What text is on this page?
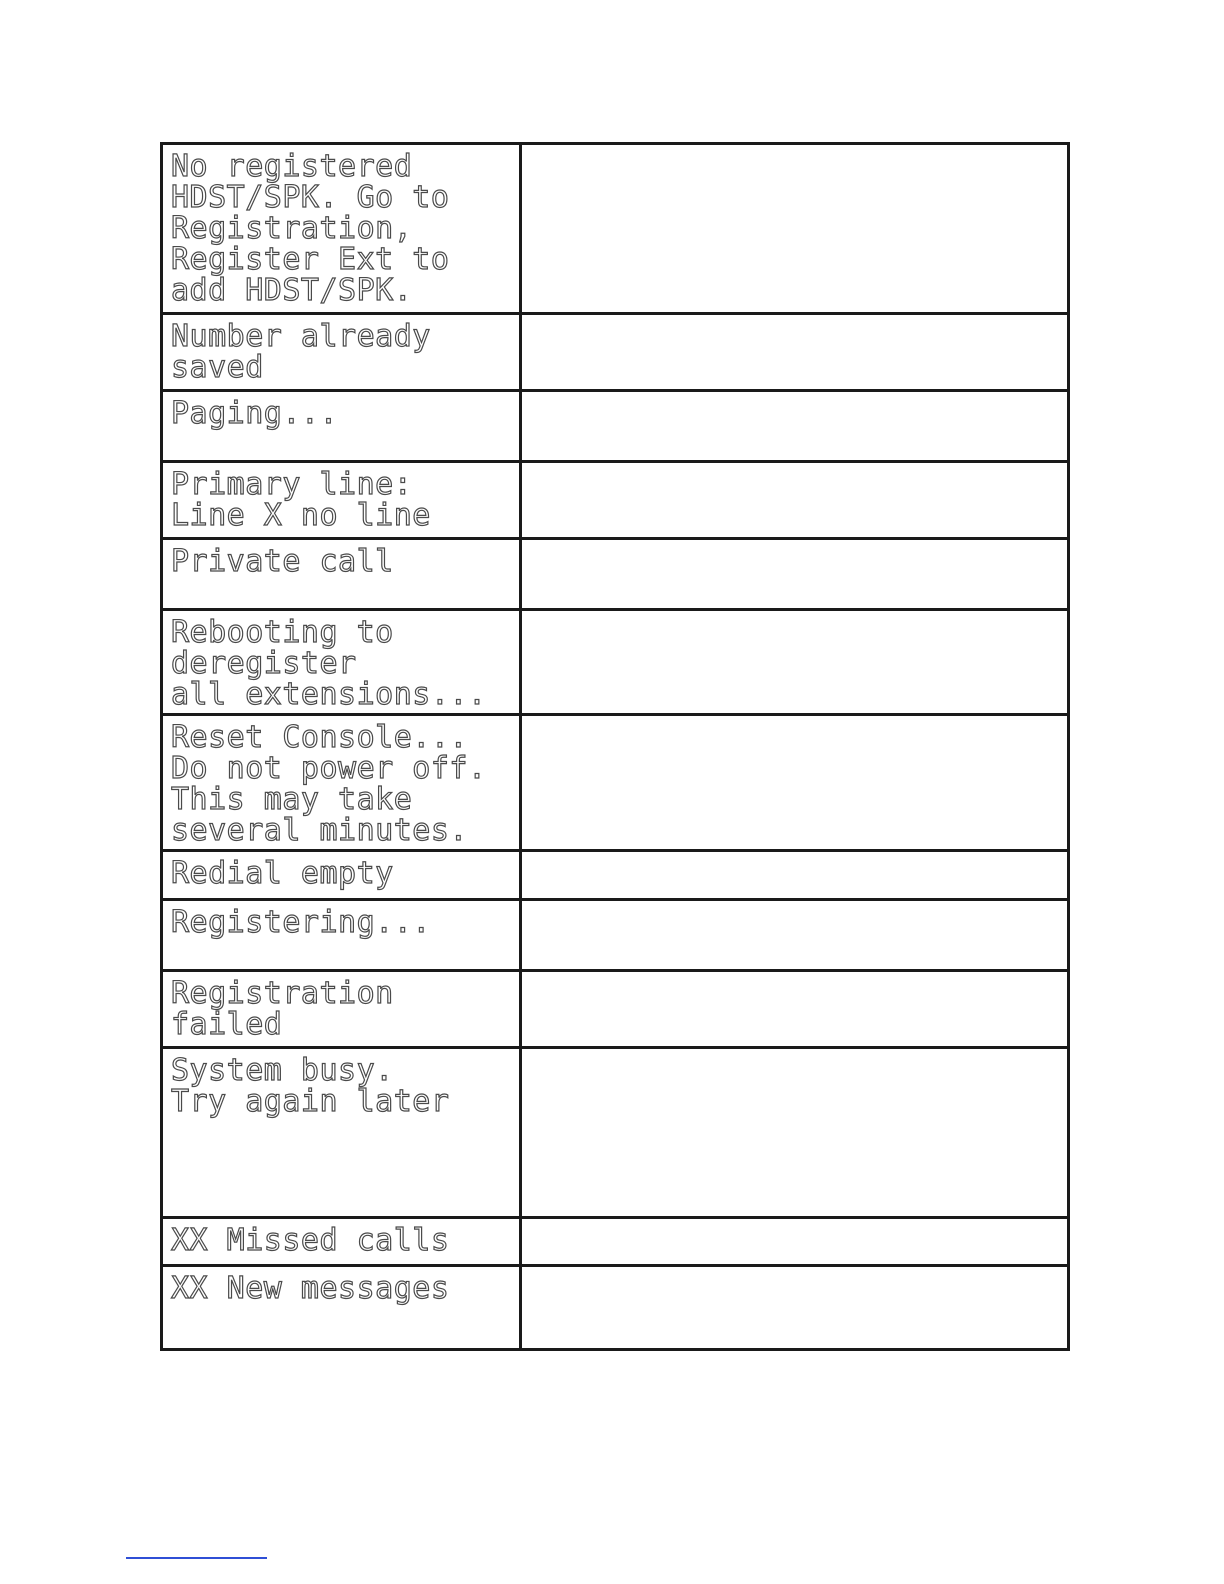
No registered
HDST/SPK. Go to
Registration,
Register Ext to
add HDST/SPK.	

Number already
saved	

Paging...	

Primary line:
Line X no line	

Private call	

Rebooting to
deregister
all extensions...	

Reset Console...
Do not power off.
This may take
several minutes.	

Redial empty	

Registering...	

Registration
failed	

System busy.
Try again later	

XX Missed calls	

XX New messages	
